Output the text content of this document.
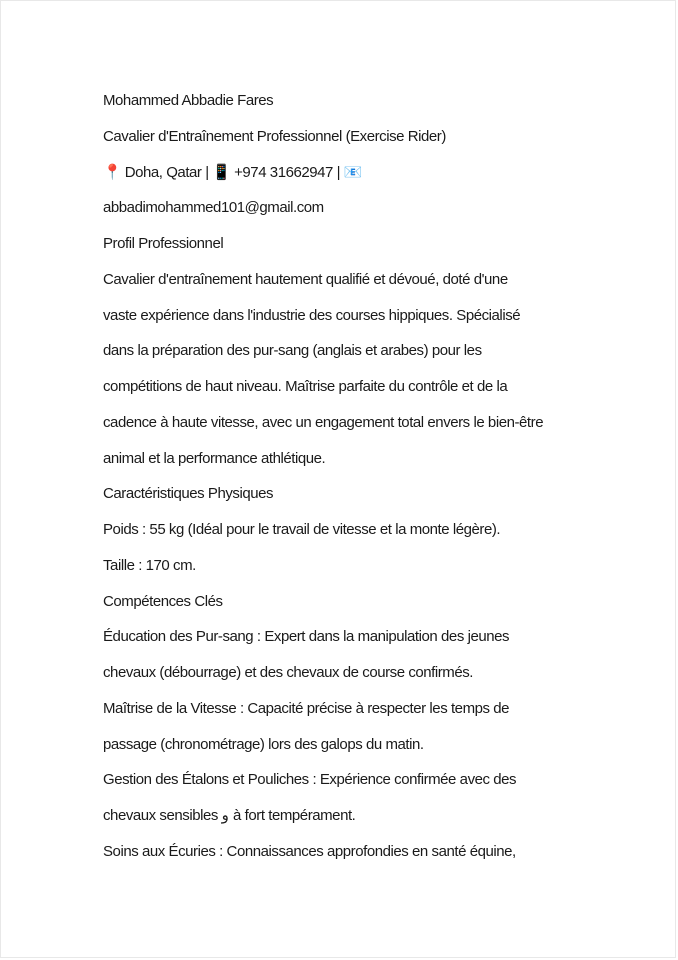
Mohammed Abbadie Fares
Cavalier d'Entraînement Professionnel (Exercise Rider)
📍 Doha, Qatar | 📱 +974 31662947 | 📧
abbadimohammed101@gmail.com
Profil Professionnel
Cavalier d'entraînement hautement qualifié et dévoué, doté d'une
vaste expérience dans l'industrie des courses hippiques. Spécialisé
dans la préparation des pur-sang (anglais et arabes) pour les
compétitions de haut niveau. Maîtrise parfaite du contrôle et de la
cadence à haute vitesse, avec un engagement total envers le bien-être
animal et la performance athlétique.
Caractéristiques Physiques
Poids : 55 kg (Idéal pour le travail de vitesse et la monte légère).
Taille : 170 cm.
Compétences Clés
Éducation des Pur-sang : Expert dans la manipulation des jeunes
chevaux (débourrage) et des chevaux de course confirmés.
Maîtrise de la Vitesse : Capacité précise à respecter les temps de
passage (chronométrage) lors des galops du matin.
Gestion des Étalons et Pouliches : Expérience confirmée avec des
chevaux sensibles و à fort tempérament.
Soins aux Écuries : Connaissances approfondies en santé équine,
